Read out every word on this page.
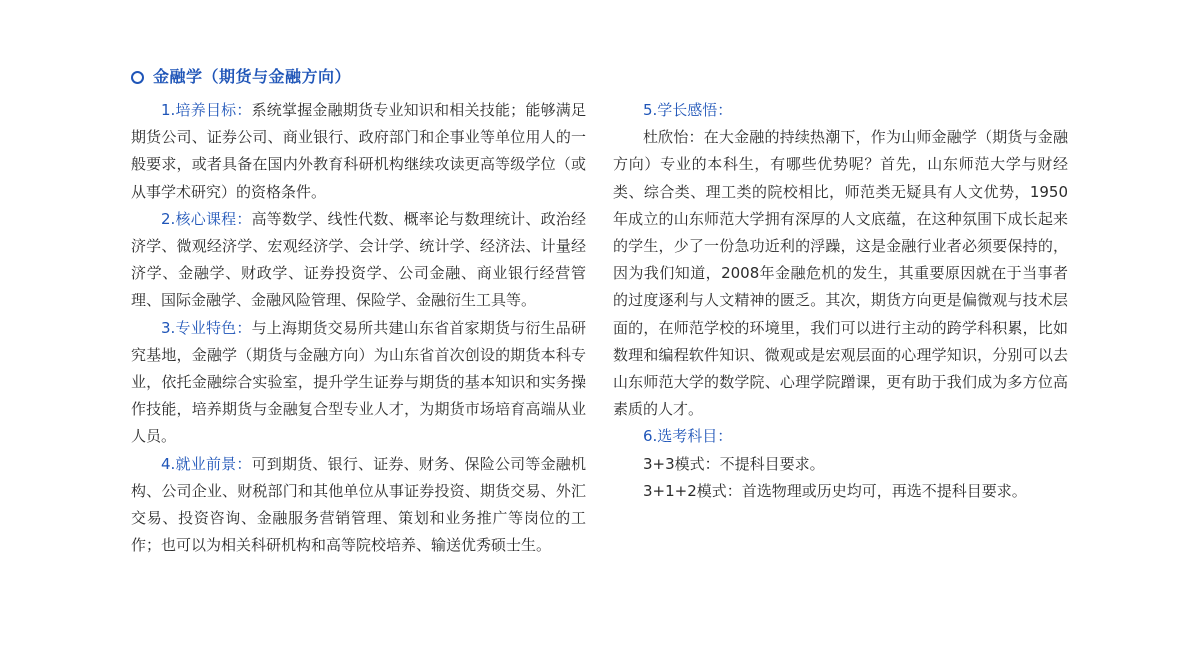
金融学（期货与金融方向）

1.培养目标：系统掌握金融期货专业知识和相关技能；能够满足期货公司、证券公司、商业银行、政府部门和企事业等单位用人的一般要求，或者具备在国内外教育科研机构继续攻读更高等级学位（或从事学术研究）的资格条件。

2.核心课程：高等数学、线性代数、概率论与数理统计、政治经济学、微观经济学、宏观经济学、会计学、统计学、经济法、计量经济学、金融学、财政学、证券投资学、公司金融、商业银行经营管理、国际金融学、金融风险管理、保险学、金融衍生工具等。

3.专业特色：与上海期货交易所共建山东省首家期货与衍生品研究基地，金融学（期货与金融方向）为山东省首次创设的期货本科专业，依托金融综合实验室，提升学生证券与期货的基本知识和实务操作技能，培养期货与金融复合型专业人才，为期货市场培育高端从业人员。

4.就业前景：可到期货、银行、证券、财务、保险公司等金融机构、公司企业、财税部门和其他单位从事证券投资、期货交易、外汇交易、投资咨询、金融服务营销管理、策划和业务推广等岗位的工作；也可以为相关科研机构和高等院校培养、输送优秀硕士生。

5.学长感悟：

杜欣怡：在大金融的持续热潮下，作为山师金融学（期货与金融方向）专业的本科生，有哪些优势呢？首先，山东师范大学与财经类、综合类、理工类的院校相比，师范类无疑具有人文优势，1950年成立的山东师范大学拥有深厚的人文底蕴，在这种氛围下成长起来的学生，少了一份急功近利的浮躁，这是金融行业者必须要保持的，因为我们知道，2008年金融危机的发生，其重要原因就在于当事者的过度逐利与人文精神的匮乏。其次，期货方向更是偏微观与技术层面的，在师范学校的环境里，我们可以进行主动的跨学科积累，比如数理和编程软件知识、微观或是宏观层面的心理学知识，分别可以去山东师范大学的数学院、心理学院蹭课，更有助于我们成为多方位高素质的人才。

6.选考科目：

3+3模式：不提科目要求。

3+1+2模式：首选物理或历史均可，再选不提科目要求。
